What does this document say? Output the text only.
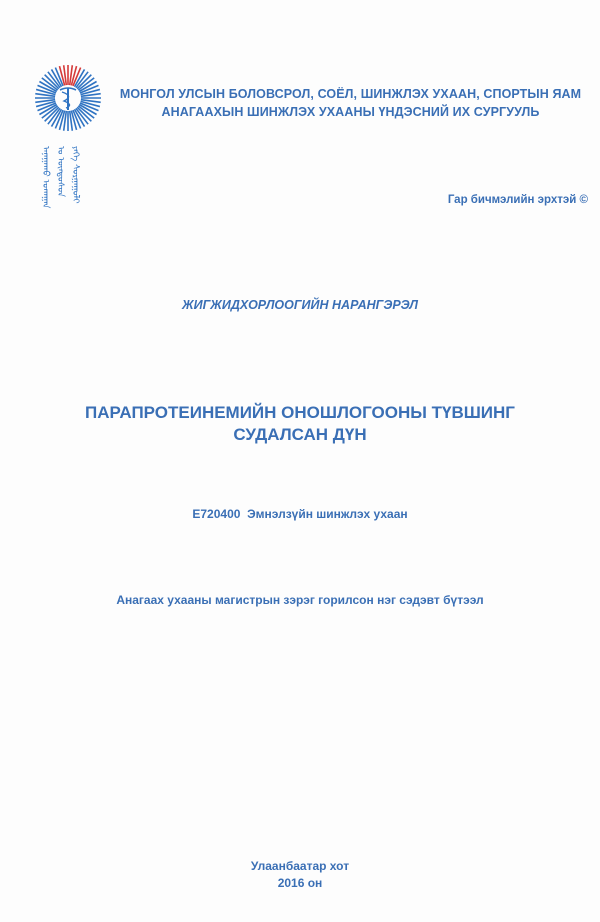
ᠠᠨᠠᠭᠠᠬᠤ ᠤᠬᠠᠭᠠᠨ ᠤ ᠦᠨᠳᠦᠰᠦᠨ ᠶᠡᠬᠡ ᠰᠤᠷᠭᠠᠭᠤᠯᠢ
МОНГОЛ УЛСЫН БОЛОВСРОЛ, СОЁЛ, ШИНЖЛЭХ УХААН, СПОРТЫН ЯАМ
АНАГААХЫН ШИНЖЛЭХ УХААНЫ ҮНДЭСНИЙ ИХ СУРГУУЛЬ
Гар бичмэлийн эрхтэй ©
ЖИГЖИДХОРЛООГИЙН НАРАНГЭРЭЛ
ПАРАПРОТЕИНЕМИЙН ОНОШЛОГООНЫ ТҮВШИНГ
СУДАЛСАН ДҮН
E720400  Эмнэлзүйн шинжлэх ухаан
Анагаах ухааны магистрын зэрэг горилсон нэг сэдэвт бүтээл
Улаанбаатар хот
2016 он
